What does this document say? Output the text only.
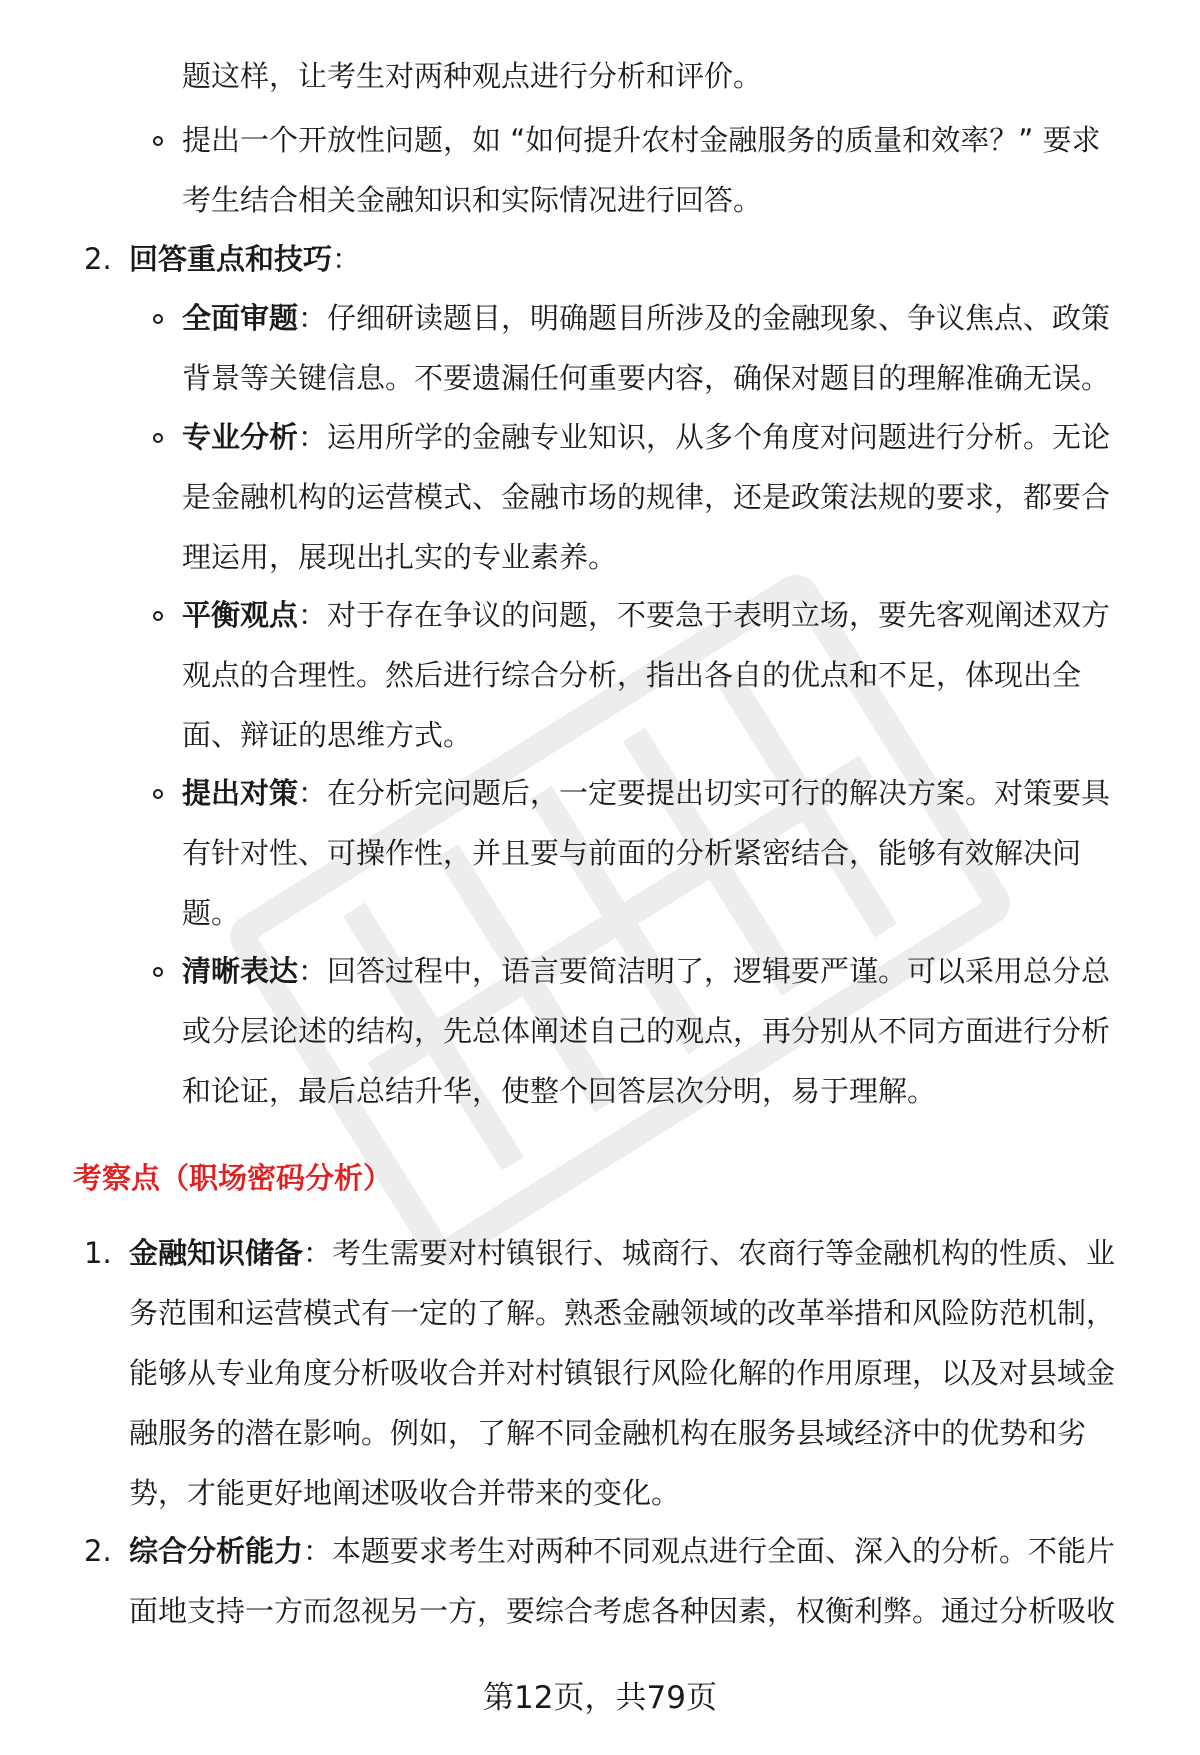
题这样，让考生对两种观点进行分析和评价。
提出一个开放性问题，如 “如何提升农村金融服务的质量和效率？” 要求
考生结合相关金融知识和实际情况进行回答。
2. 回答重点和技巧：
全面审题：仔细研读题目，明确题目所涉及的金融现象、争议焦点、政策
背景等关键信息。不要遗漏任何重要内容，确保对题目的理解准确无误。
专业分析：运用所学的金融专业知识，从多个角度对问题进行分析。无论
是金融机构的运营模式、金融市场的规律，还是政策法规的要求，都要合
理运用，展现出扎实的专业素养。
平衡观点：对于存在争议的问题，不要急于表明立场，要先客观阐述双方
观点的合理性。然后进行综合分析，指出各自的优点和不足，体现出全
面、辩证的思维方式。
提出对策：在分析完问题后，一定要提出切实可行的解决方案。对策要具
有针对性、可操作性，并且要与前面的分析紧密结合，能够有效解决问
题。
清晰表达：回答过程中，语言要简洁明了，逻辑要严谨。可以采用总分总
或分层论述的结构，先总体阐述自己的观点，再分别从不同方面进行分析
和论证，最后总结升华，使整个回答层次分明，易于理解。
考察点（职场密码分析）
1. 金融知识储备：考生需要对村镇银行、城商行、农商行等金融机构的性质、业
务范围和运营模式有一定的了解。熟悉金融领域的改革举措和风险防范机制，
能够从专业角度分析吸收合并对村镇银行风险化解的作用原理，以及对县域金
融服务的潜在影响。例如，了解不同金融机构在服务县域经济中的优势和劣
势，才能更好地阐述吸收合并带来的变化。
2. 综合分析能力：本题要求考生对两种不同观点进行全面、深入的分析。不能片
面地支持一方而忽视另一方，要综合考虑各种因素，权衡利弊。通过分析吸收
第12页，共79页
